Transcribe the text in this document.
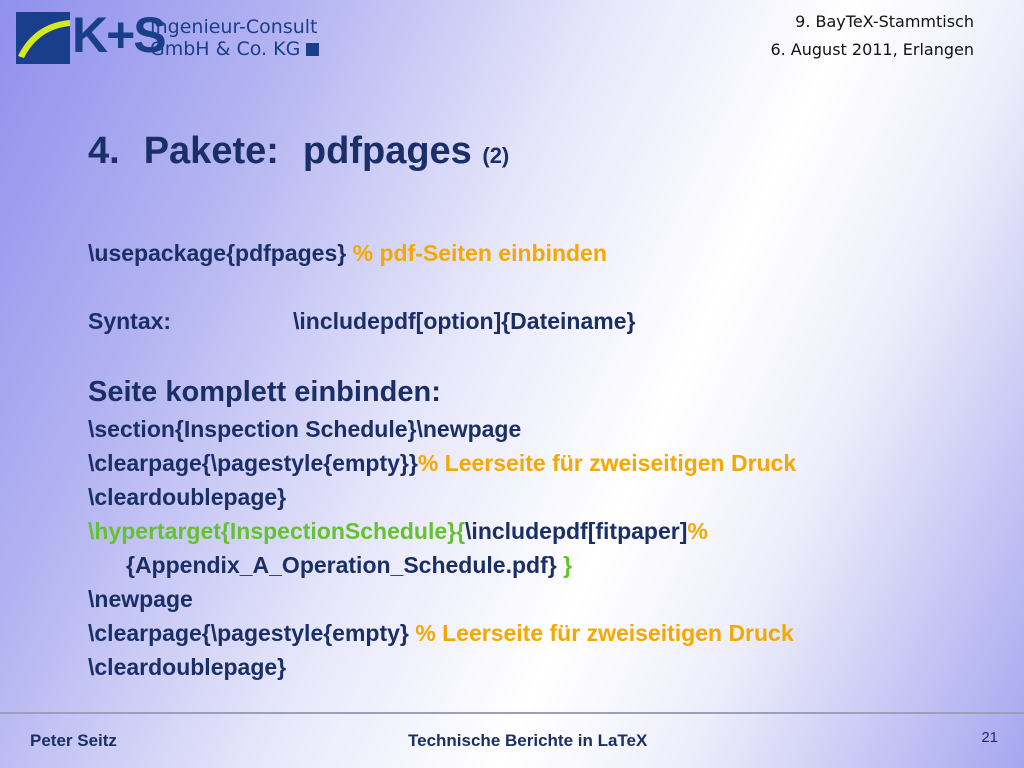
K+S
Ingenieur-Consult
GmbH & Co. KG
9. BayTeX-Stammtisch
6. August 2011, Erlangen
4. Pakete: pdfpages (2)
\usepackage{pdfpages} % pdf-Seiten einbinden
Syntax:	\includepdf[option]{Dateiname}
Seite komplett einbinden:
\section{Inspection Schedule}\newpage
\clearpage{\pagestyle{empty}}% Leerseite für zweiseitigen Druck
\cleardoublepage}
\hypertarget{InspectionSchedule}{\includepdf[fitpaper]%
{Appendix_A_Operation_Schedule.pdf} }
\newpage
\clearpage{\pagestyle{empty} % Leerseite für zweiseitigen Druck
\cleardoublepage}
Peter Seitz	Technische Berichte in LaTeX	21
